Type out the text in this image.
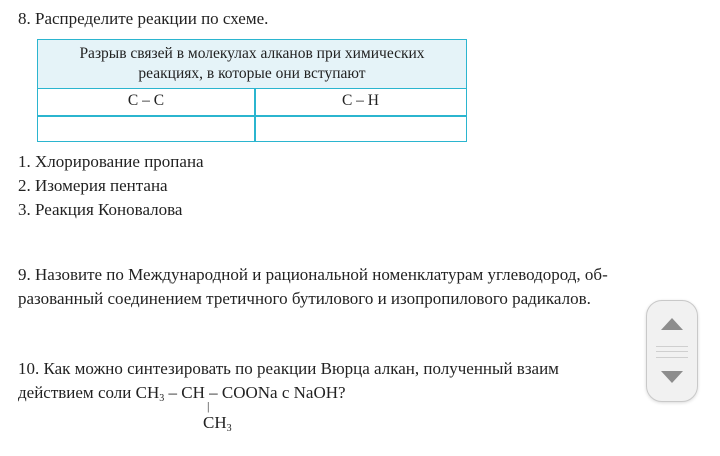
8. Распределите реакции по схеме.
Разрыв связей в молекулах алканов при химических
реакциях, в которые они вступают
С – С	С – Н
1. Хлорирование пропана
2. Изомерия пентана
3. Реакция Коновалова
9. Назовите по Международной и рациональной номенклатурам углеводород, об-
разованный соединением третичного бутилового и изопропилового радикалов.
10. Как можно синтезировать по реакции Вюрца алкан, полученный взаим
действием соли CH3 – CH – COONa с NaOH?
|
CH3
